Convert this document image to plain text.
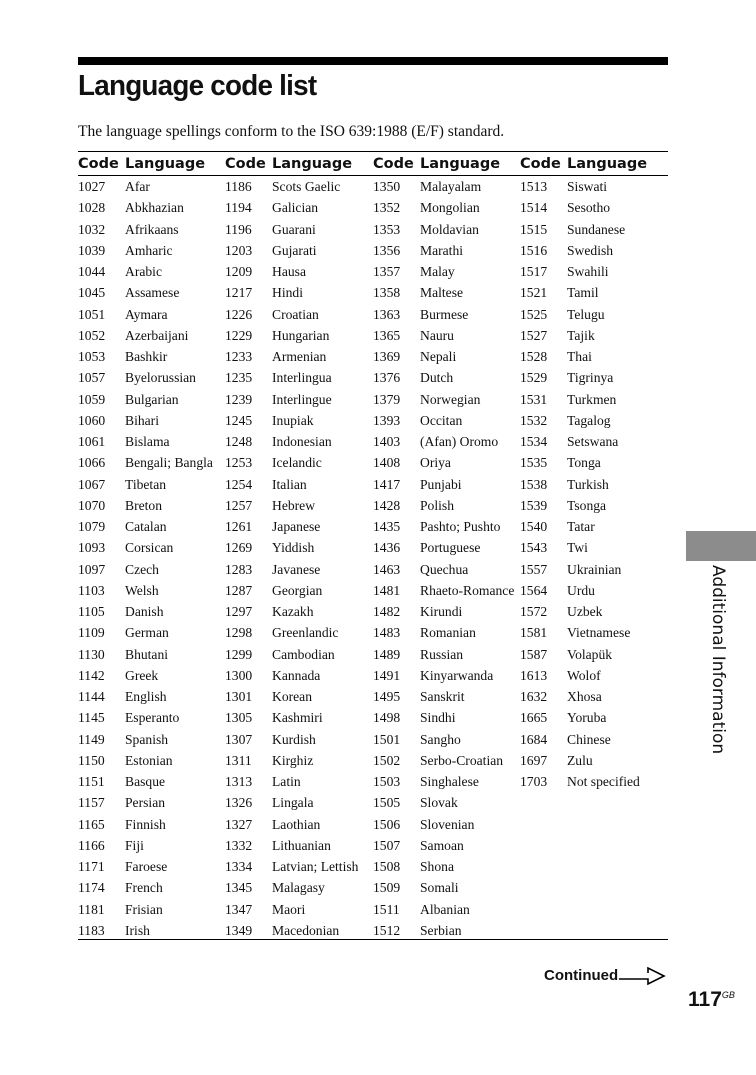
Language code list

The language spellings conform to the ISO 639:1988 (E/F) standard.

Code Language
1027 Afar
1028 Abkhazian
1032 Afrikaans
1039 Amharic
1044 Arabic
1045 Assamese
1051 Aymara
1052 Azerbaijani
1053 Bashkir
1057 Byelorussian
1059 Bulgarian
1060 Bihari
1061 Bislama
1066 Bengali; Bangla
1067 Tibetan
1070 Breton
1079 Catalan
1093 Corsican
1097 Czech
1103 Welsh
1105 Danish
1109 German
1130 Bhutani
1142 Greek
1144 English
1145 Esperanto
1149 Spanish
1150 Estonian
1151 Basque
1157 Persian
1165 Finnish
1166 Fiji
1171 Faroese
1174 French
1181 Frisian
1183 Irish
Code Language
1186 Scots Gaelic
1194 Galician
1196 Guarani
1203 Gujarati
1209 Hausa
1217 Hindi
1226 Croatian
1229 Hungarian
1233 Armenian
1235 Interlingua
1239 Interlingue
1245 Inupiak
1248 Indonesian
1253 Icelandic
1254 Italian
1257 Hebrew
1261 Japanese
1269 Yiddish
1283 Javanese
1287 Georgian
1297 Kazakh
1298 Greenlandic
1299 Cambodian
1300 Kannada
1301 Korean
1305 Kashmiri
1307 Kurdish
1311 Kirghiz
1313 Latin
1326 Lingala
1327 Laothian
1332 Lithuanian
1334 Latvian; Lettish
1345 Malagasy
1347 Maori
1349 Macedonian
Code Language
1350 Malayalam
1352 Mongolian
1353 Moldavian
1356 Marathi
1357 Malay
1358 Maltese
1363 Burmese
1365 Nauru
1369 Nepali
1376 Dutch
1379 Norwegian
1393 Occitan
1403 (Afan) Oromo
1408 Oriya
1417 Punjabi
1428 Polish
1435 Pashto; Pushto
1436 Portuguese
1463 Quechua
1481 Rhaeto-Romance
1482 Kirundi
1483 Romanian
1489 Russian
1491 Kinyarwanda
1495 Sanskrit
1498 Sindhi
1501 Sangho
1502 Serbo-Croatian
1503 Singhalese
1505 Slovak
1506 Slovenian
1507 Samoan
1508 Shona
1509 Somali
1511 Albanian
1512 Serbian
Code Language
1513 Siswati
1514 Sesotho
1515 Sundanese
1516 Swedish
1517 Swahili
1521 Tamil
1525 Telugu
1527 Tajik
1528 Thai
1529 Tigrinya
1531 Turkmen
1532 Tagalog
1534 Setswana
1535 Tonga
1538 Turkish
1539 Tsonga
1540 Tatar
1543 Twi
1557 Ukrainian
1564 Urdu
1572 Uzbek
1581 Vietnamese
1587 Volapük
1613 Wolof
1632 Xhosa
1665 Yoruba
1684 Chinese
1697 Zulu
1703 Not specified
Additional Information
Continued
$117^{GB}$
